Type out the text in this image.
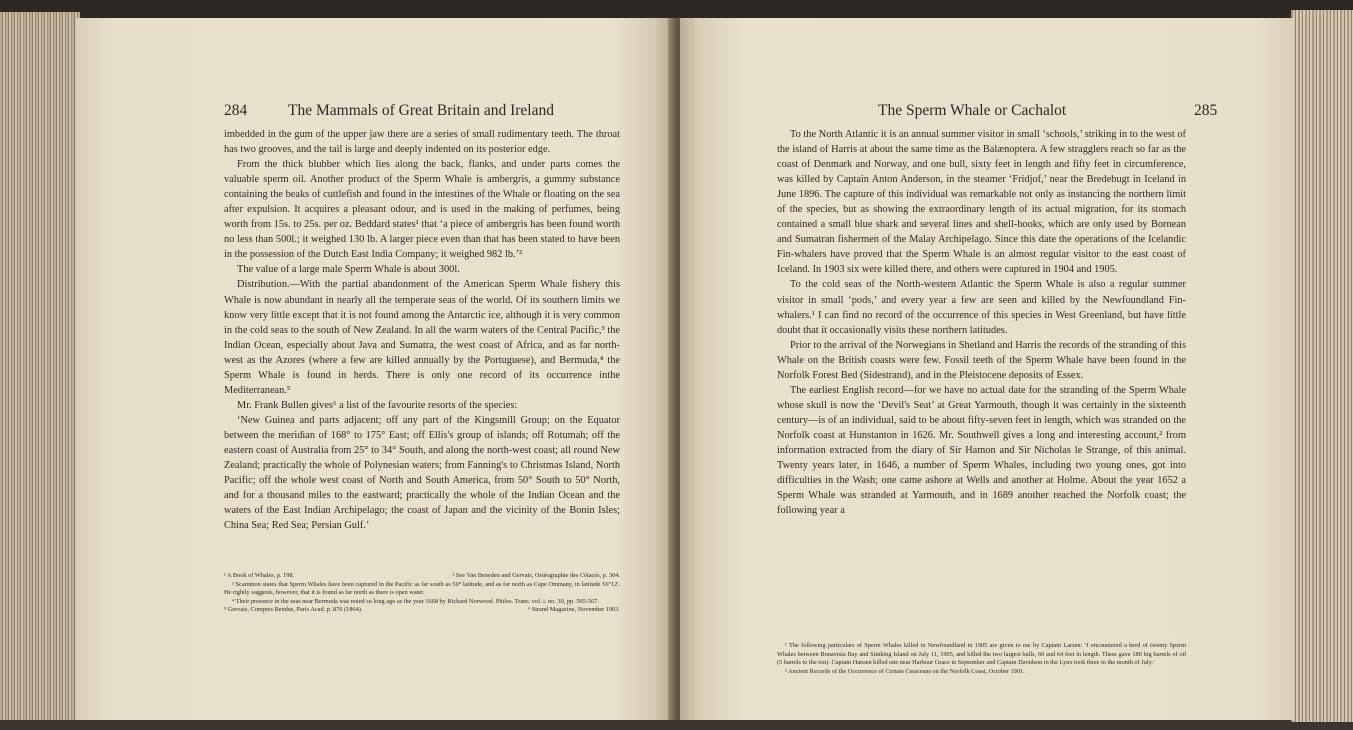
284	The Mammals of Great Britain and Ireland

imbedded in the gum of the upper jaw there are a series of small rudimentary teeth. The throat has two grooves, and the tail is large and deeply indented on its posterior edge.

From the thick blubber which lies along the back, flanks, and under parts comes the valuable sperm oil. Another product of the Sperm Whale is ambergris, a gummy substance containing the beaks of cuttlefish and found in the intestines of the Whale or floating on the sea after expulsion. It acquires a pleasant odour, and is used in the making of perfumes, being worth from 15s. to 25s. per oz. Beddard states¹ that ‘a piece of ambergris has been found worth no less than 500l.; it weighed 130 lb. A larger piece even than that has been stated to have been in the possession of the Dutch East India Company; it weighed 982 lb.’²

The value of a large male Sperm Whale is about 300l.

Distribution.—With the partial abandonment of the American Sperm Whale fishery this Whale is now abundant in nearly all the temperate seas of the world. Of its southern limits we know very little except that it is not found among the Antarctic ice, although it is very common in the cold seas to the south of New Zealand. In all the warm waters of the Central Pacific,³ the Indian Ocean, especially about Java and Sumatra, the west coast of Africa, and as far north-west as the Azores (where a few are killed annually by the Portuguese), and Bermuda,⁴ the Sperm Whale is found in herds. There is only one record of its occurrence inthe Mediterranean.⁵

Mr. Frank Bullen gives⁶ a list of the favourite resorts of the species:

‘New Guinea and parts adjacent; off any part of the Kingsmill Group; on the Equator between the meridian of 168° to 175° East; off Ellis's group of islands; off Rotumah; off the eastern coast of Australia from 25° to 34° South, and along the north-west coast; all round New Zealand; practically the whole of Polynesian waters; from Fanning's to Christmas Island, North Pacific; off the whole west coast of North and South America, from 50° South to 50° North, and for a thousand miles to the eastward; practically the whole of the Indian Ocean and the waters of the East Indian Archipelago; the coast of Japan and the vicinity of the Bonin Isles; China Sea; Red Sea; Persian Gulf.’

¹ A Book of Whales, p. 198.	² See Van Beneden and Gervais, Ostéographie des Cétacés, p. 304.

³ Scammon states that Sperm Whales have been captured in the Pacific as far south as 50° latitude, and as far north as Cape Ommany, in latitude 56°12'. He rightly suggests, however, that it is found as far north as there is open water.

⁴ Their presence in the seas near Bermuda was noted so long ago as the year 1668 by Richard Norwood. Philos. Trans. vol. i. no. 30, pp. 565-567.

⁵ Gervais, Comptes Rendus, Paris Acad. p. 876 (1864).	⁶ Strand Magazine, November 1903.
The Sperm Whale or Cachalot	285

To the North Atlantic it is an annual summer visitor in small ‘schools,’ striking in to the west of the island of Harris at about the same time as the Balænoptera. A few stragglers reach so far as the coast of Denmark and Norway, and one bull, sixty feet in length and fifty feet in circumference, was killed by Captain Anton Anderson, in the steamer ‘Fridjof,’ near the Bredebugt in Iceland in June 1896. The capture of this individual was remarkable not only as instancing the northern limit of the species, but as showing the extraordinary length of its actual migration, for its stomach contained a small blue shark and several lines and shell-hooks, which are only used by Bornean and Sumatran fishermen of the Malay Archipelago. Since this date the operations of the Icelandic Fin-whalers have proved that the Sperm Whale is an almost regular visitor to the east coast of Iceland. In 1903 six were killed there, and others were captured in 1904 and 1905.

To the cold seas of the North-western Atlantic the Sperm Whale is also a regular summer visitor in small ‘pods,’ and every year a few are seen and killed by the Newfoundland Fin-whalers.¹ I can find no record of the occurrence of this species in West Greenland, but have little doubt that it occasionally visits these northern latitudes.

Prior to the arrival of the Norwegians in Shetland and Harris the records of the stranding of this Whale on the British coasts were few. Fossil teeth of the Sperm Whale have been found in the Norfolk Forest Bed (Sidestrand), and in the Pleistocene deposits of Essex.

The earliest English record—for we have no actual date for the stranding of the Sperm Whale whose skull is now the ‘Devil's Seat’ at Great Yarmouth, though it was certainly in the sixteenth century—is of an individual, said to be about fifty-seven feet in length, which was stranded on the Norfolk coast at Hunstanton in 1626. Mr. Southwell gives a long and interesting account,² from information extracted from the diary of Sir Hamon and Sir Nicholas le Strange, of this animal. Twenty years later, in 1646, a number of Sperm Whales, including two young ones, got into difficulties in the Wash; one came ashore at Wells and another at Holme. About the year 1652 a Sperm Whale was stranded at Yarmouth, and in 1689 another reached the Norfolk coast; the following year a

¹ The following particulars of Sperm Whales killed in Newfoundland in 1905 are given to me by Captain Larsen: ‘I encountered a herd of twenty Sperm Whales between Bonavista Bay and Stinking Island on July 11, 1905, and killed the two largest bulls, 60 and 64 feet in length. These gave 180 big barrels of oil (5 barrels to the ton). Captain Hansen killed one near Harbour Grace in September and Captain Davidson in the Lynx took three in the month of July.’

² Ancient Records of the Occurrence of Certain Cetaceans on the Norfolk Coast, October 1901.
